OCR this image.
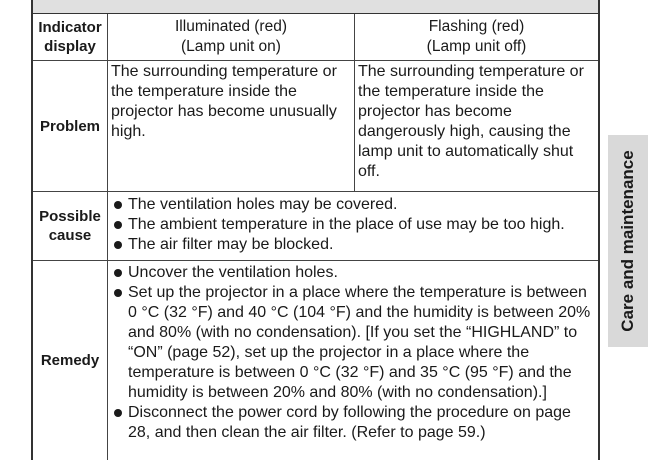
Indicator
display
Illuminated (red)
(Lamp unit on)
Flashing (red)
(Lamp unit off)
Problem
The surrounding temperature or the temperature inside the projector has become unusually high.
The surrounding temperature or the temperature inside the projector has become dangerously high, causing the lamp unit to automatically shut off.
Possible
cause
The ventilation holes may be covered.
The ambient temperature in the place of use may be too high.
The air filter may be blocked.
Remedy
Uncover the ventilation holes.
Set up the projector in a place where the temperature is between 0 °C (32 °F) and 40 °C (104 °F) and the humidity is between 20% and 80% (with no condensation). [If you set the “HIGHLAND” to “ON” (page 52), set up the projector in a place where the temperature is between 0 °C (32 °F) and 35 °C (95 °F) and the humidity is between 20% and 80% (with no condensation).]
Disconnect the power cord by following the procedure on page 28, and then clean the air filter. (Refer to page 59.)
Care and maintenance
